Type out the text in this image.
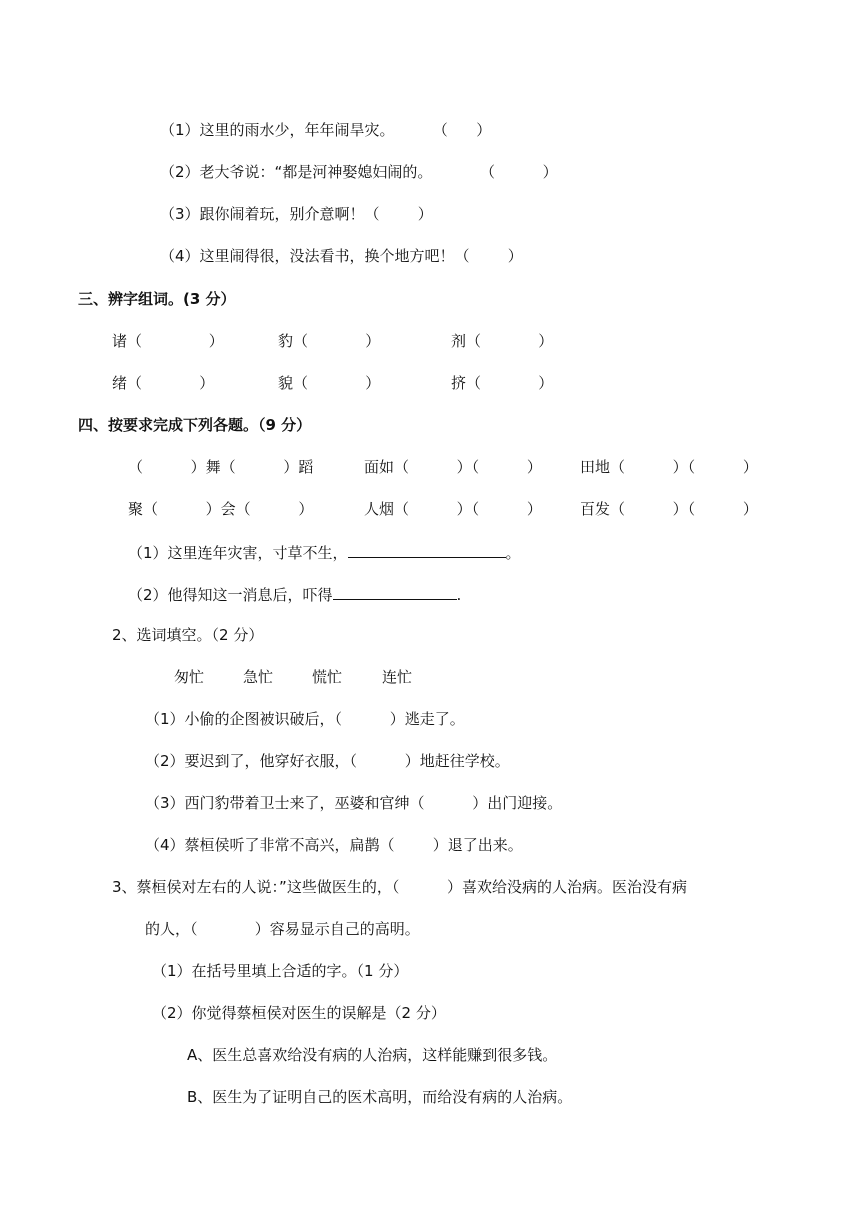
（1）这里的雨水少，年年闹旱灾。        （      ）
（2）老大爷说：“都是河神娶媳妇闹的。          （          ）
（3）跟你闹着玩，别介意啊！（        ）
（4）这里闹得很，没法看书，换个地方吧！（        ）
三、辨字组词。(3 分）
诸（              ）	豹（            ）	剂（            ）
绪（            ）	貌（            ）	挤（            ）
四、按要求完成下列各题。（9 分）
（          ）舞（          ）蹈	面如（          ）（          ）	田地（          ）（          ）
聚（          ）会（          ）	人烟（          ）（          ）	百发（          ）（          ）
（1）这里连年灾害，寸草不生，	。
（2）他得知这一消息后，吓得	.
2、选词填空。（2 分）
匆忙	急忙	慌忙	连忙
（1）小偷的企图被识破后，（          ）逃走了。
（2）要迟到了，他穿好衣服，（          ）地赶往学校。
（3）西门豹带着卫士来了，巫婆和官绅（          ）出门迎接。
（4）蔡桓侯听了非常不高兴，扁鹊（        ）退了出来。
3、蔡桓侯对左右的人说：”这些做医生的，（          ）喜欢给没病的人治病。医治没有病
的人，（            ）容易显示自己的高明。
（1）在括号里填上合适的字。（1 分）
（2）你觉得蔡桓侯对医生的误解是（2 分）
A、医生总喜欢给没有病的人治病，这样能赚到很多钱。
B、医生为了证明自己的医术高明，而给没有病的人治病。
